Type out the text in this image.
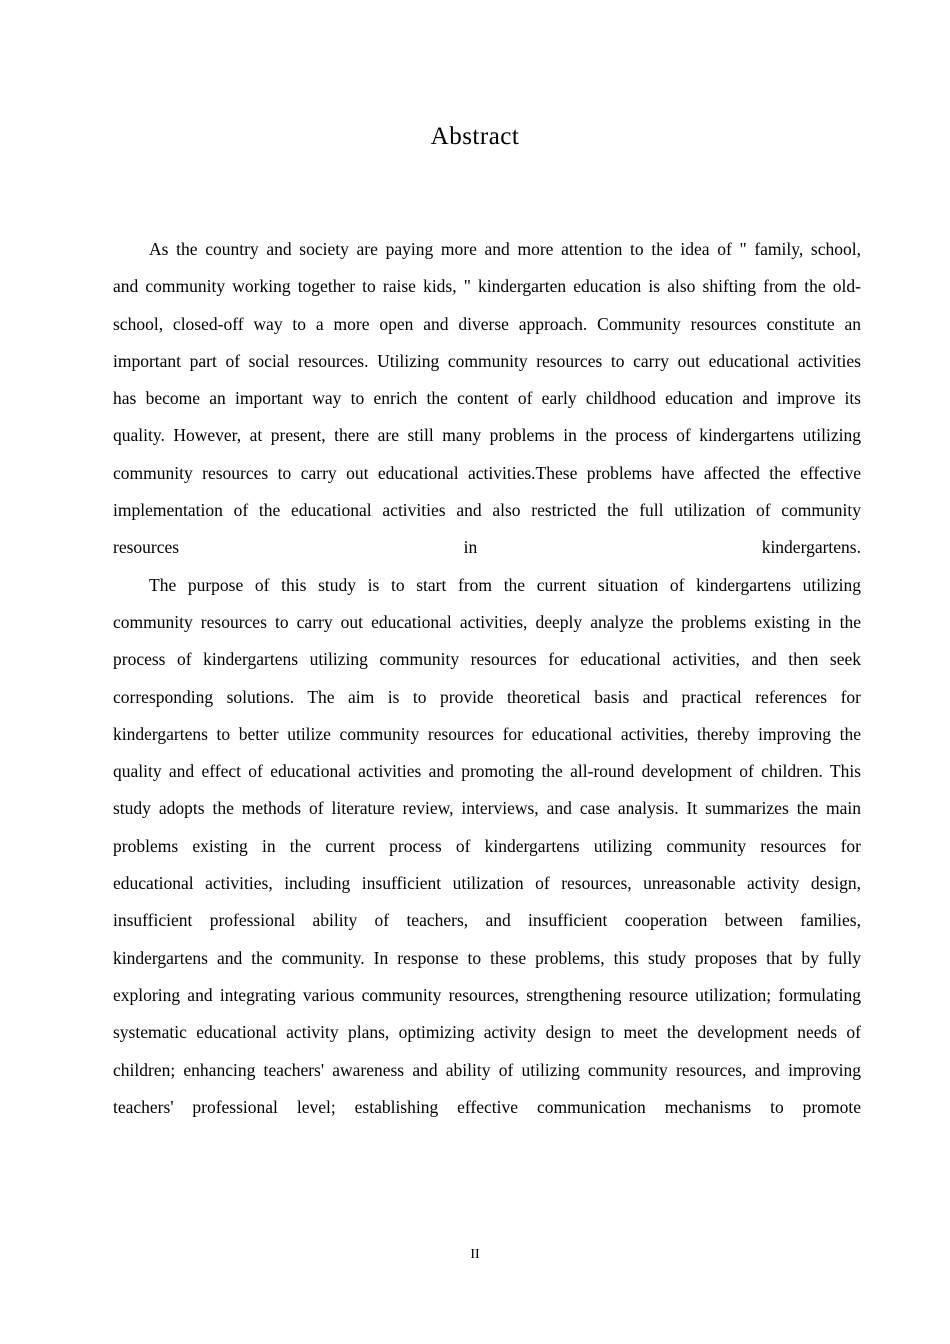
Abstract

As the country and society are paying more and more attention to the idea of " family, school, and community working together to raise kids, " kindergarten education is also shifting from the old-school, closed-off way to a more open and diverse approach. Community resources constitute an important part of social resources. Utilizing community resources to carry out educational activities has become an important way to enrich the content of early childhood education and improve its quality. However, at present, there are still many problems in the process of kindergartens utilizing community resources to carry out educational activities.These problems have affected the effective implementation of the educational activities and also restricted the full utilization of community resources in kindergartens.

The purpose of this study is to start from the current situation of kindergartens utilizing community resources to carry out educational activities, deeply analyze the problems existing in the process of kindergartens utilizing community resources for educational activities, and then seek corresponding solutions. The aim is to provide theoretical basis and practical references for kindergartens to better utilize community resources for educational activities, thereby improving the quality and effect of educational activities and promoting the all-round development of children. This study adopts the methods of literature review, interviews, and case analysis. It summarizes the main problems existing in the current process of kindergartens utilizing community resources for educational activities, including insufficient utilization of resources, unreasonable activity design, insufficient professional ability of teachers, and insufficient cooperation between families, kindergartens and the community. In response to these problems, this study proposes that by fully exploring and integrating various community resources, strengthening resource utilization; formulating systematic educational activity plans, optimizing activity design to meet the development needs of children; enhancing teachers' awareness and ability of utilizing community resources, and improving teachers' professional level; establishing effective communication mechanisms to promote

II
